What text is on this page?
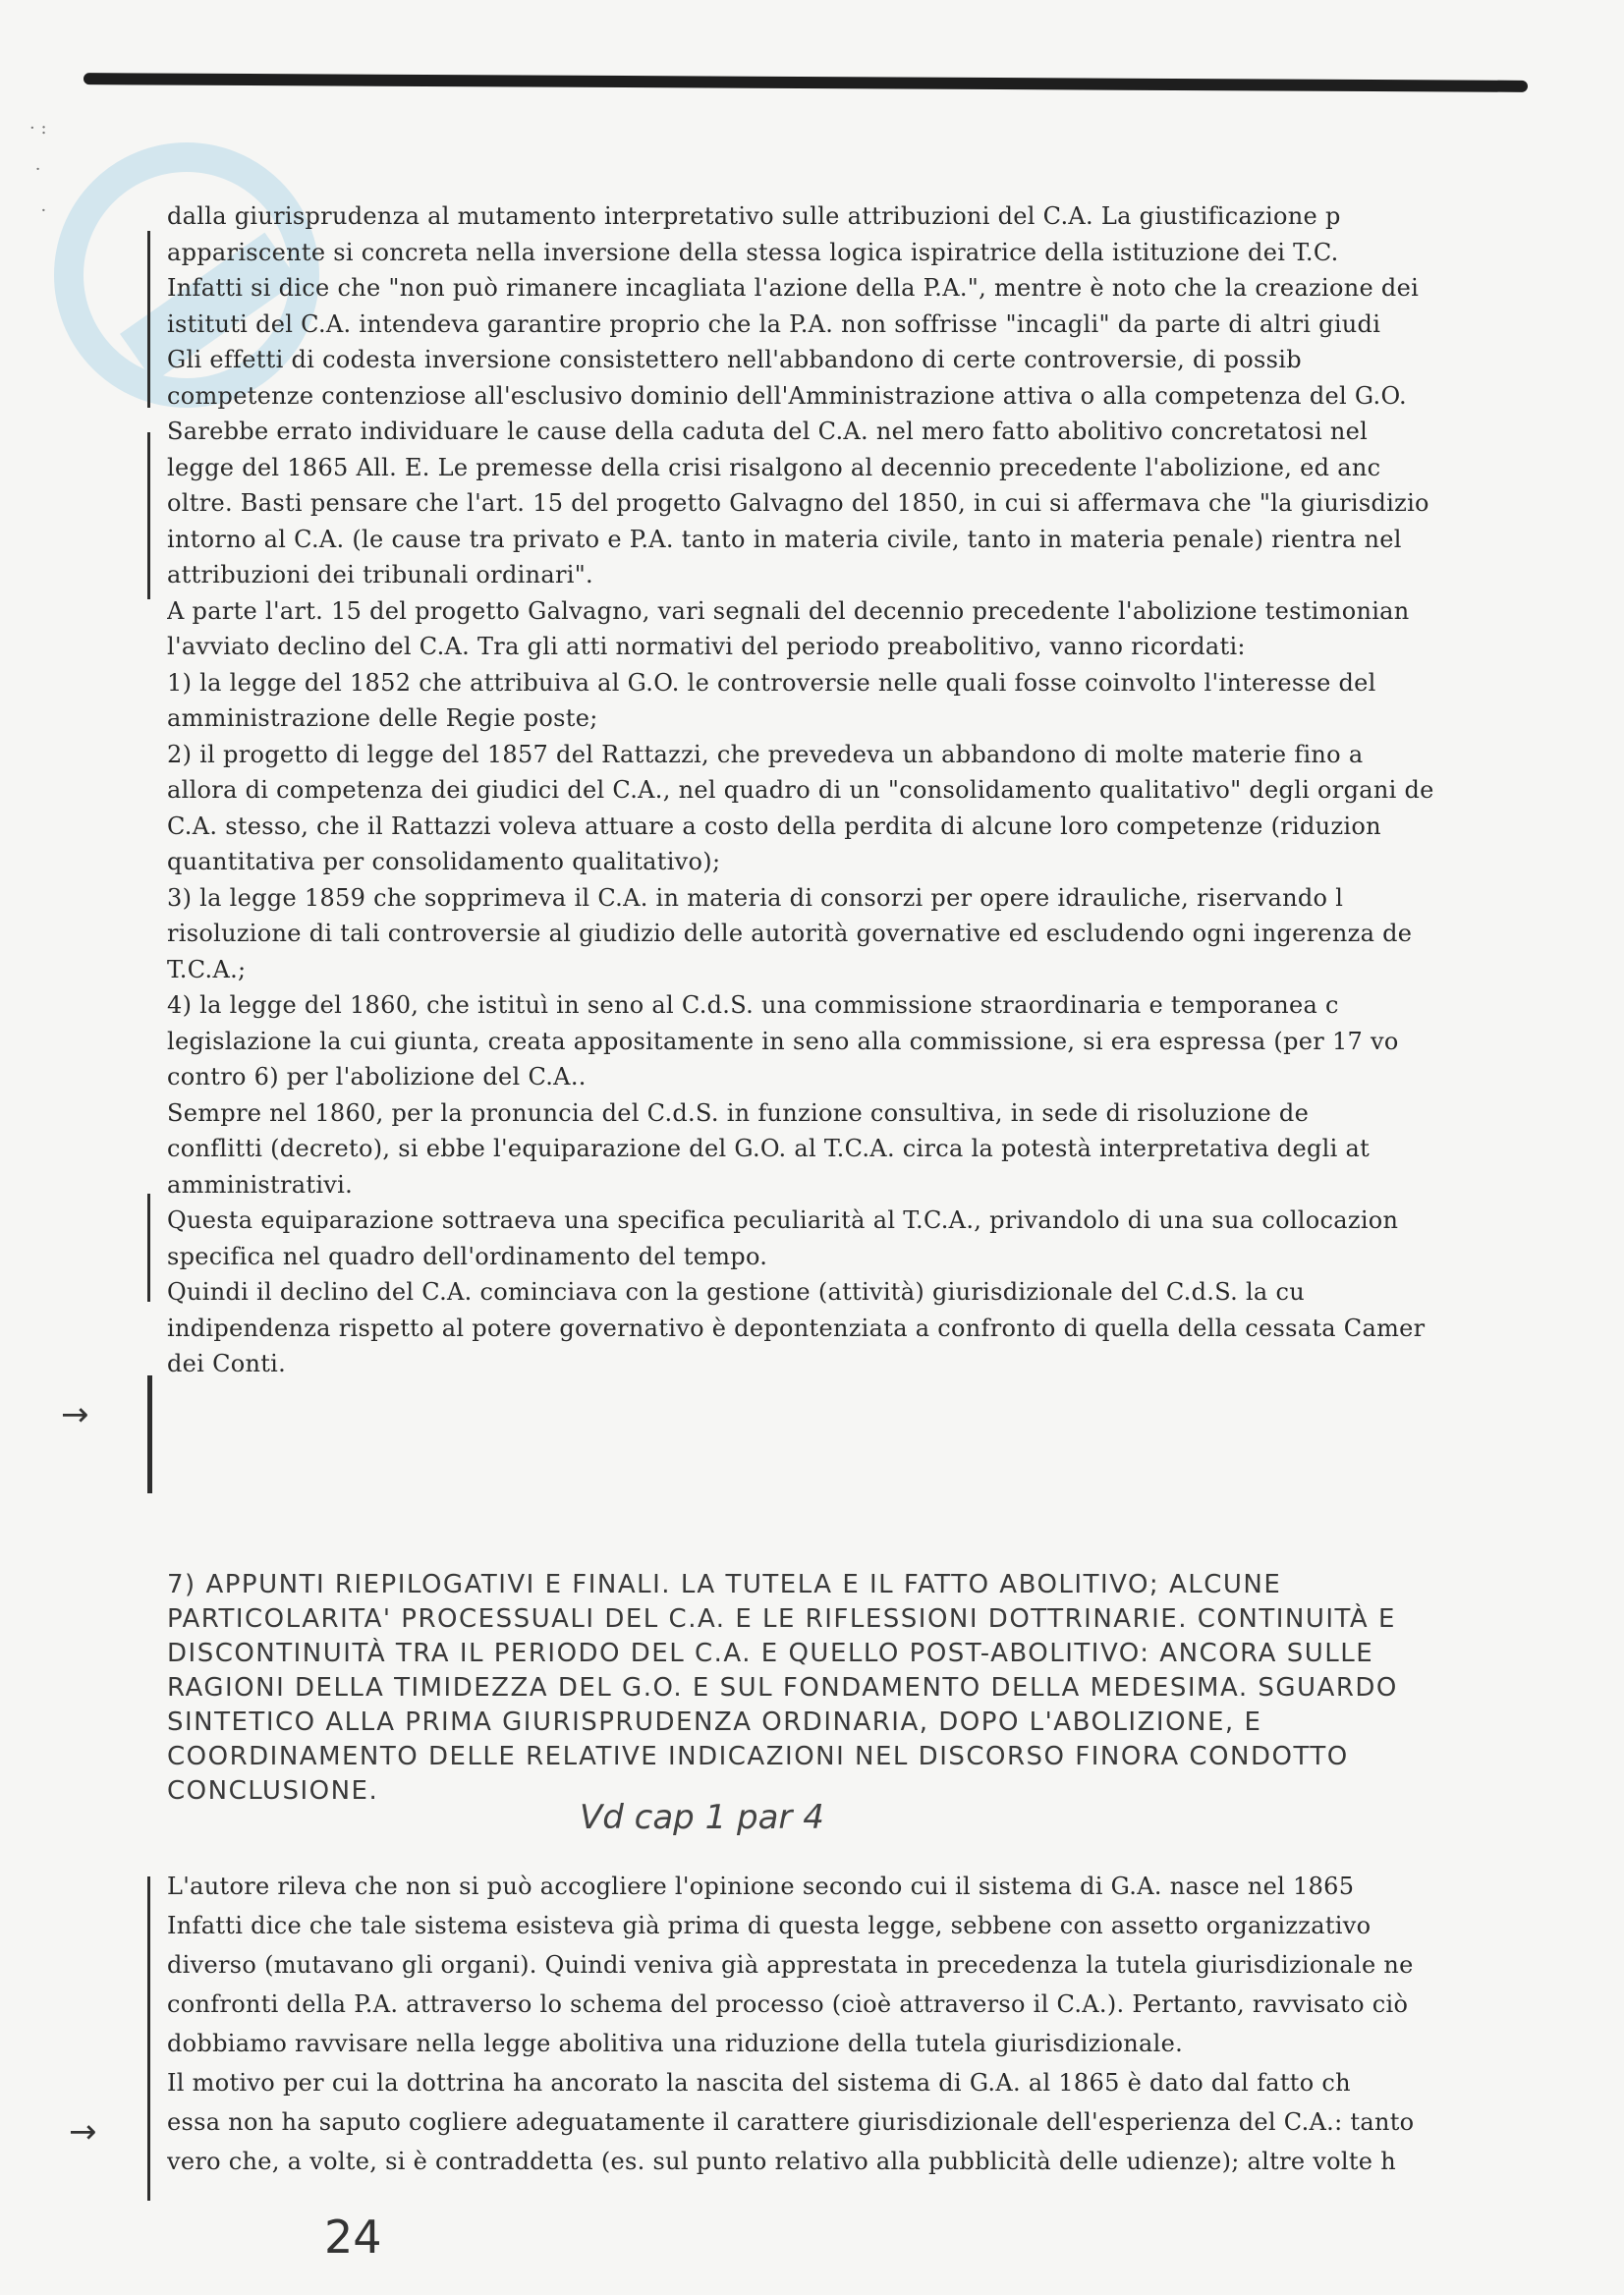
· :

·

·
→
→
dalla giurisprudenza al mutamento interpretativo sulle attribuzioni del C.A. La giustificazione p
appariscente si concreta nella inversione della stessa logica ispiratrice della istituzione dei T.C.
Infatti si dice che "non può rimanere incagliata l'azione della P.A.", mentre è noto che la creazione dei
istituti del C.A. intendeva garantire proprio che la P.A. non soffrisse "incagli" da parte di altri giudi
Gli effetti di codesta inversione consistettero nell'abbandono di certe controversie, di possib
competenze contenziose all'esclusivo dominio dell'Amministrazione attiva o alla competenza del G.O.
Sarebbe errato individuare le cause della caduta del C.A. nel mero fatto abolitivo concretatosi nel
legge del 1865 All. E. Le premesse della crisi risalgono al decennio precedente l'abolizione, ed anc
oltre. Basti pensare che l'art. 15 del progetto Galvagno del 1850, in cui si affermava che "la giurisdizio
intorno al C.A. (le cause tra privato e P.A. tanto in materia civile, tanto in materia penale) rientra nel
attribuzioni dei tribunali ordinari".
A parte l'art. 15 del progetto Galvagno, vari segnali del decennio precedente l'abolizione testimonian
l'avviato declino del C.A. Tra gli atti normativi del periodo preabolitivo, vanno ricordati:
1) la legge del 1852 che attribuiva al G.O. le controversie nelle quali fosse coinvolto l'interesse del
amministrazione delle Regie poste;
2) il progetto di legge del 1857 del Rattazzi, che prevedeva un abbandono di molte materie fino a
allora di competenza dei giudici del C.A., nel quadro di un "consolidamento qualitativo" degli organi de
C.A. stesso, che il Rattazzi voleva attuare a costo della perdita di alcune loro competenze (riduzion
quantitativa per consolidamento qualitativo);
3) la legge 1859 che sopprimeva il C.A. in materia di consorzi per opere idrauliche, riservando l
risoluzione di tali controversie al giudizio delle autorità governative ed escludendo ogni ingerenza de
T.C.A.;
4) la legge del 1860, che istituì in seno al C.d.S. una commissione straordinaria e temporanea c
legislazione la cui giunta, creata appositamente in seno alla commissione, si era espressa (per 17 vo
contro 6) per l'abolizione del C.A..
Sempre nel 1860, per la pronuncia del C.d.S. in funzione consultiva, in sede di risoluzione de
conflitti (decreto), si ebbe l'equiparazione del G.O. al T.C.A. circa la potestà interpretativa degli at
amministrativi.
Questa equiparazione sottraeva una specifica peculiarità al T.C.A., privandolo di una sua collocazion
specifica nel quadro dell'ordinamento del tempo.
Quindi il declino del C.A. cominciava con la gestione (attività) giurisdizionale del C.d.S. la cu
indipendenza rispetto al potere governativo è depontenziata a confronto di quella della cessata Camer
dei Conti.
7) APPUNTI RIEPILOGATIVI E FINALI. LA TUTELA E IL FATTO ABOLITIVO; ALCUNE
PARTICOLARITA' PROCESSUALI DEL C.A. E LE RIFLESSIONI DOTTRINARIE. CONTINUITÀ E
DISCONTINUITÀ TRA IL PERIODO DEL C.A. E QUELLO POST-ABOLITIVO: ANCORA SULLE
RAGIONI DELLA TIMIDEZZA DEL G.O. E SUL FONDAMENTO DELLA MEDESIMA. SGUARDO
SINTETICO ALLA PRIMA GIURISPRUDENZA ORDINARIA, DOPO L'ABOLIZIONE, E
COORDINAMENTO DELLE RELATIVE INDICAZIONI NEL DISCORSO FINORA CONDOTTO
CONCLUSIONE.
Vd cap 1 par 4
L'autore rileva che non si può accogliere l'opinione secondo cui il sistema di G.A. nasce nel 1865
Infatti dice che tale sistema esisteva già prima di questa legge, sebbene con assetto organizzativo
diverso (mutavano gli organi). Quindi veniva già apprestata in precedenza la tutela giurisdizionale ne
confronti della P.A. attraverso lo schema del processo (cioè attraverso il C.A.). Pertanto, ravvisato ciò
dobbiamo ravvisare nella legge abolitiva una riduzione della tutela giurisdizionale.
Il motivo per cui la dottrina ha ancorato la nascita del sistema di G.A. al 1865 è dato dal fatto ch
essa non ha saputo cogliere adeguatamente il carattere giurisdizionale dell'esperienza del C.A.: tanto
vero che, a volte, si è contraddetta (es. sul punto relativo alla pubblicità delle udienze); altre volte h
24
